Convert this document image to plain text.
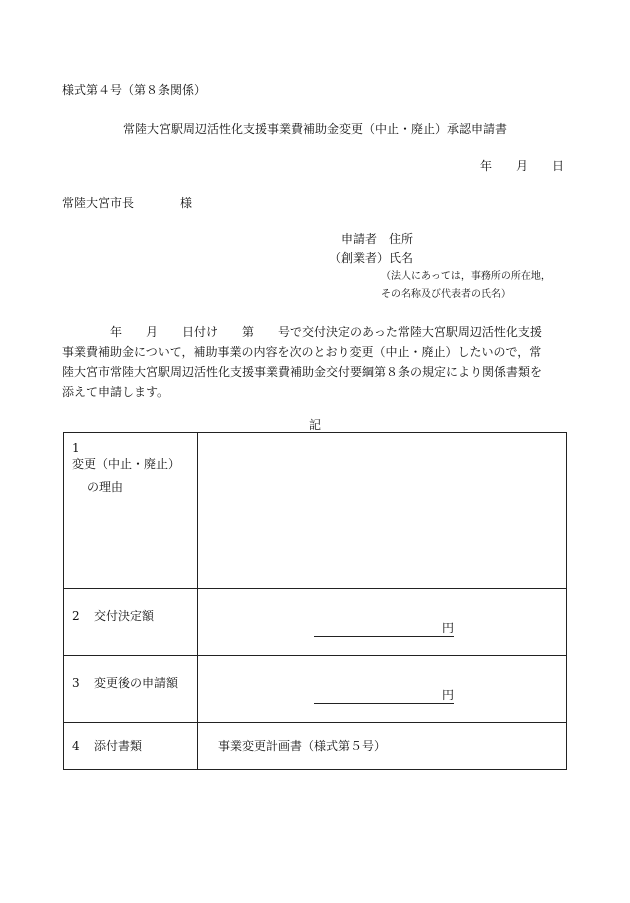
様式第４号（第８条関係）
常陸大宮駅周辺活性化支援事業費補助金変更（中止・廃止）承認申請書
年 月 日
常陸大宮市長	様
申請者 住所
（創業者）氏名
（法人にあっては，事務所の所在地，
その名称及び代表者の氏名）
年　　月　　日付け　　第　　号で交付決定のあった常陸大宮駅周辺活性化支援
事業費補助金について，補助事業の内容を次のとおり変更（中止・廃止）したいので，常
陸大宮市常陸大宮駅周辺活性化支援事業費補助金交付要綱第８条の規定により関係書類を
添えて申請します。
記
1変更（中止・廃止）
の理由	

2 交付決定額	円

3 変更後の申請額	円

4 添付書類	事業変更計画書（様式第５号）
